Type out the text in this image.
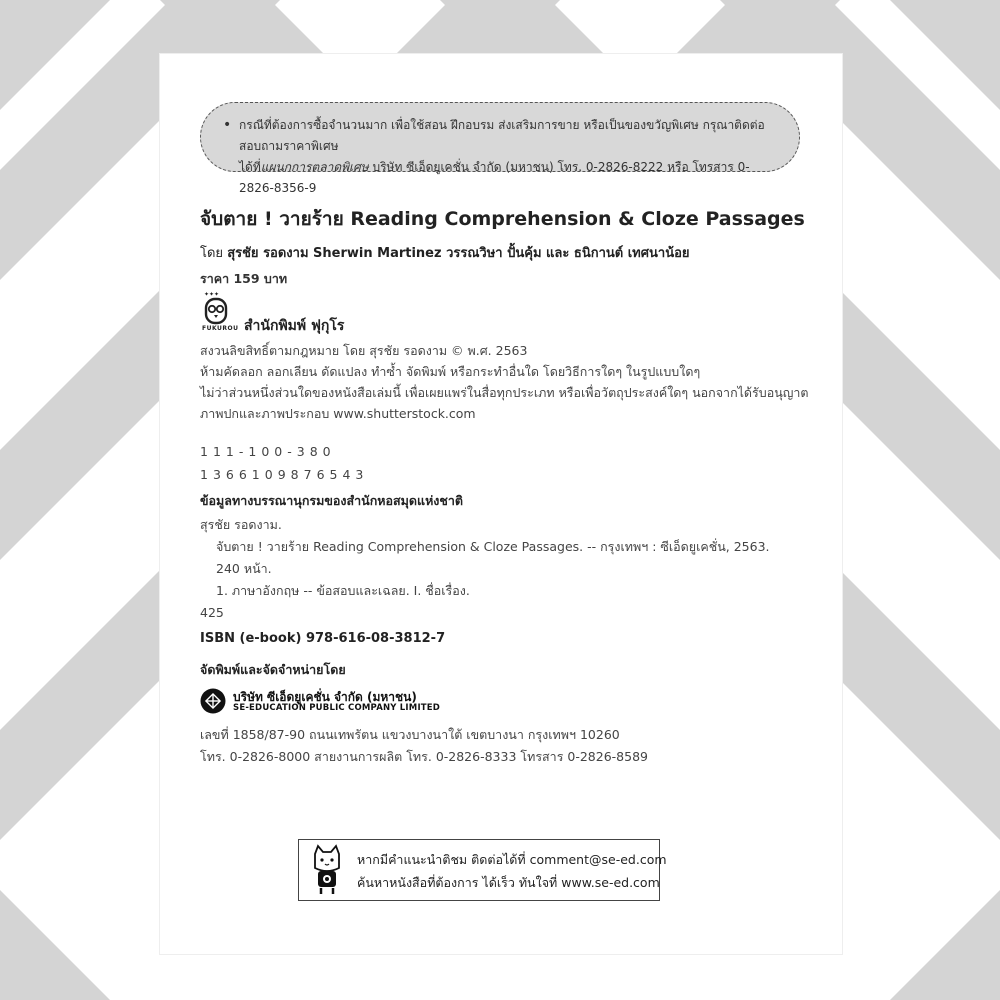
• กรณีที่ต้องการซื้อจำนวนมาก เพื่อใช้สอน ฝึกอบรม ส่งเสริมการขาย หรือเป็นของขวัญพิเศษ กรุณาติดต่อสอบถามราคาพิเศษ
ได้ที่แผนกการตลาดพิเศษ บริษัท ซีเอ็ดยูเคชั่น จำกัด (มหาชน) โทร. 0-2826-8222 หรือ โทรสาร 0-2826-8356-9
จับตาย ! วายร้าย Reading Comprehension & Cloze Passages
โดย สุรชัย รอดงาม Sherwin Martinez วรรณวิษา ปั้นคุ้ม และ ธนิกานต์ เทศนาน้อย
ราคา 159 บาท
✦✦✦
FUKUROU สำนักพิมพ์ ฟุกุโร
สงวนลิขสิทธิ์ตามกฎหมาย โดย สุรชัย รอดงาม © พ.ศ. 2563
ห้ามคัดลอก ลอกเลียน ดัดแปลง ทำซ้ำ จัดพิมพ์ หรือกระทำอื่นใด โดยวิธีการใดๆ ในรูปแบบใดๆ
ไม่ว่าส่วนหนึ่งส่วนใดของหนังสือเล่มนี้ เพื่อเผยแพร่ในสื่อทุกประเภท หรือเพื่อวัตถุประสงค์ใดๆ นอกจากได้รับอนุญาต
ภาพปกและภาพประกอบ www.shutterstock.com
111-100-380
1366109876543
ข้อมูลทางบรรณานุกรมของสำนักหอสมุดแห่งชาติ
สุรชัย รอดงาม.
จับตาย ! วายร้าย Reading Comprehension & Cloze Passages. -- กรุงเทพฯ : ซีเอ็ดยูเคชั่น, 2563.
240 หน้า.
1. ภาษาอังกฤษ -- ข้อสอบและเฉลย. I. ชื่อเรื่อง.
425
ISBN (e-book) 978-616-08-3812-7
จัดพิมพ์และจัดจำหน่ายโดย
บริษัท ซีเอ็ดยูเคชั่น จำกัด (มหาชน)
SE-EDUCATION PUBLIC COMPANY LIMITED
เลขที่ 1858/87-90 ถนนเทพรัตน แขวงบางนาใต้ เขตบางนา กรุงเทพฯ 10260
โทร. 0-2826-8000 สายงานการผลิต โทร. 0-2826-8333 โทรสาร 0-2826-8589
หากมีคำแนะนำติชม ติดต่อได้ที่ comment@se-ed.com
ค้นหาหนังสือที่ต้องการ ได้เร็ว ทันใจที่ www.se-ed.com
